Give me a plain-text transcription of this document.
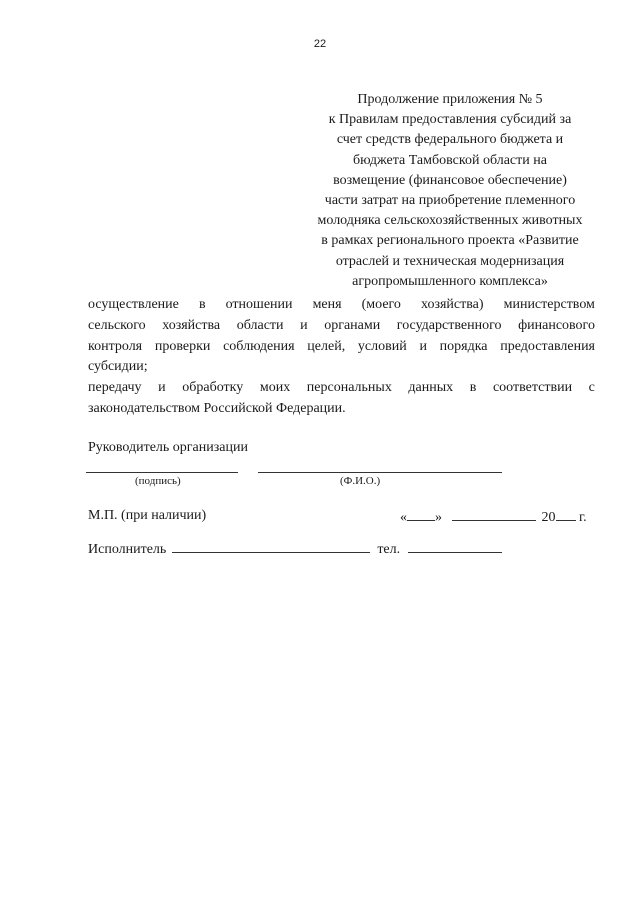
22
Продолжение приложения № 5
к Правилам предоставления субсидий за
счет средств федерального бюджета и
бюджета Тамбовской области на
возмещение (финансовое обеспечение)
части затрат на приобретение племенного
молодняка сельскохозяйственных животных
в рамках регионального проекта «Развитие
отраслей и техническая модернизация
агропромышленного комплекса»
осуществление в отношении меня (моего хозяйства) министерством
сельского хозяйства области и органами государственного финансового
контроля проверки соблюдения целей, условий и порядка предоставления
субсидии;
передачу и обработку моих персональных данных в соответствии с
законодательством Российской Федерации.
Руководитель организации
(подпись)	(Ф.И.О.)
М.П. (при наличии)	« »	20 г.
Исполнитель	тел.
